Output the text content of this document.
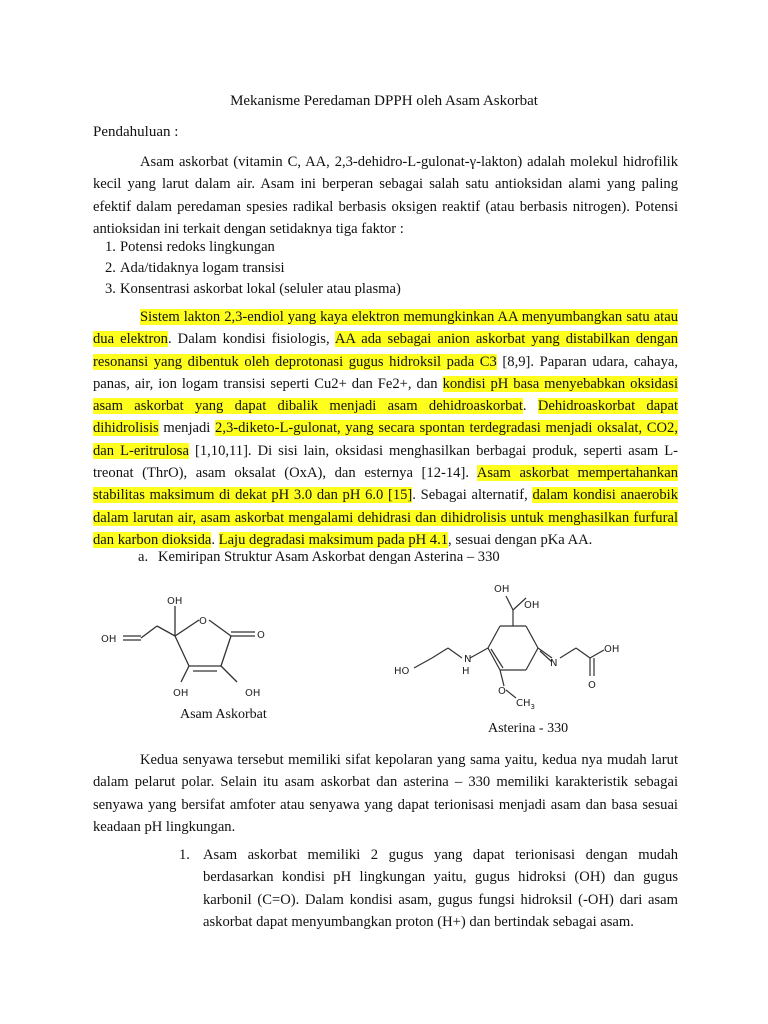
Mekanisme Peredaman DPPH oleh Asam Askorbat
Pendahuluan :

Asam askorbat (vitamin C, AA, 2,3-dehidro-L-gulonat-γ-lakton) adalah molekul hidrofilik kecil yang larut dalam air. Asam ini berperan sebagai salah satu antioksidan alami yang paling efektif dalam peredaman spesies radikal berbasis oksigen reaktif (atau berbasis nitrogen). Potensi antioksidan ini terkait dengan setidaknya tiga faktor :

1. Potensi redoks lingkungan
2. Ada/tidaknya logam transisi
3. Konsentrasi askorbat lokal (seluler atau plasma)

Sistem lakton 2,3-endiol yang kaya elektron memungkinkan AA menyumbangkan satu atau dua elektron. Dalam kondisi fisiologis, AA ada sebagai anion askorbat yang distabilkan dengan resonansi yang dibentuk oleh deprotonasi gugus hidroksil pada C3 [8,9]. Paparan udara, cahaya, panas, air, ion logam transisi seperti Cu2+ dan Fe2+, dan kondisi pH basa menyebabkan oksidasi asam askorbat yang dapat dibalik menjadi asam dehidroaskorbat. Dehidroaskorbat dapat dihidrolisis menjadi 2,3-diketo-L-gulonat, yang secara spontan terdegradasi menjadi oksalat, CO2, dan L-eritrulosa [1,10,11]. Di sisi lain, oksidasi menghasilkan berbagai produk, seperti asam L-treonat (ThrO), asam oksalat (OxA), dan esternya [12-14]. Asam askorbat mempertahankan stabilitas maksimum di dekat pH 3.0 dan pH 6.0 [15]. Sebagai alternatif, dalam kondisi anaerobik dalam larutan air, asam askorbat mengalami dehidrasi dan dihidrolisis untuk menghasilkan furfural dan karbon dioksida. Laju degradasi maksimum pada pH 4.1, sesuai dengan pKa AA.

a. Kemiripan Struktur Asam Askorbat dengan Asterina – 330
OH
OH
O
O
OH	OH
Asam Askorbat
OH
OH
HO	H
N	N
O
OH
O
$CH_3$
Asterina - 330

Kedua senyawa tersebut memiliki sifat kepolaran yang sama yaitu, kedua nya mudah larut dalam pelarut polar. Selain itu asam askorbat dan asterina – 330 memiliki karakteristik sebagai senyawa yang bersifat amfoter atau senyawa yang dapat terionisasi menjadi asam dan basa sesuai keadaan pH lingkungan.

1. Asam askorbat memiliki 2 gugus yang dapat terionisasi dengan mudah berdasarkan kondisi pH lingkungan yaitu, gugus hidroksi (OH) dan gugus karbonil (C=O). Dalam kondisi asam, gugus fungsi hidroksil (-OH) dari asam askorbat dapat menyumbangkan proton (H+) dan bertindak sebagai asam.
